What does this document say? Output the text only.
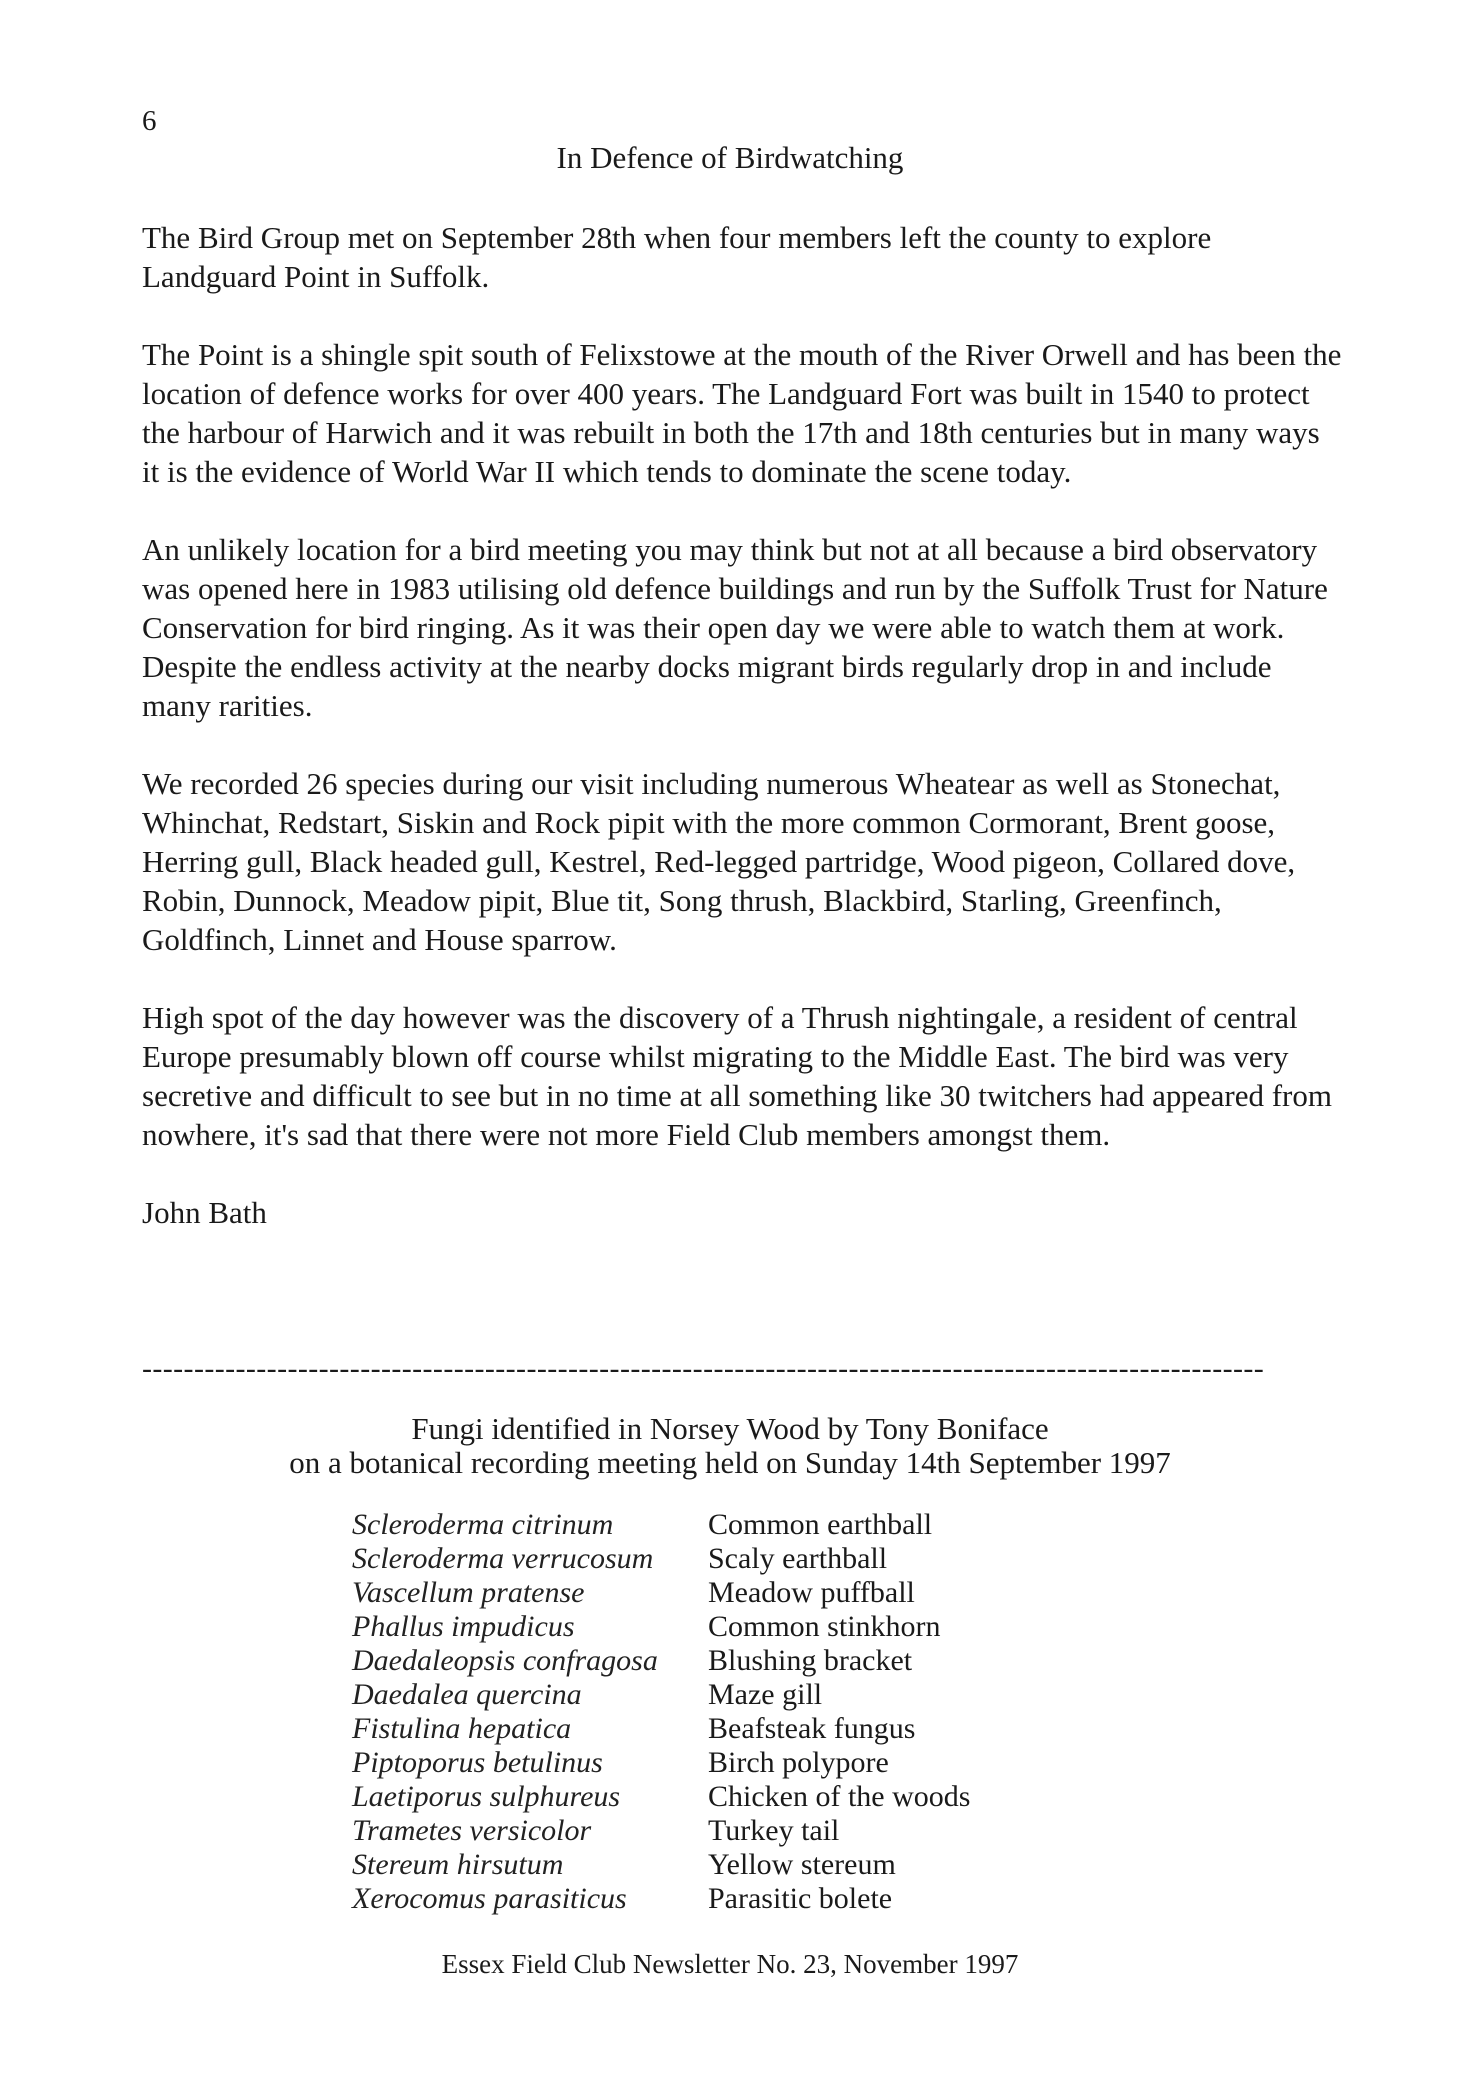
6
In Defence of Birdwatching

The Bird Group met on September 28th when four members left the county to explore Landguard Point in Suffolk.

The Point is a shingle spit south of Felixstowe at the mouth of the River Orwell and has been the location of defence works for over 400 years. The Landguard Fort was built in 1540 to protect the harbour of Harwich and it was rebuilt in both the 17th and 18th centuries but in many ways it is the evidence of World War II which tends to dominate the scene today.

An unlikely location for a bird meeting you may think but not at all because a bird observatory was opened here in 1983 utilising old defence buildings and run by the Suffolk Trust for Nature Conservation for bird ringing. As it was their open day we were able to watch them at work. Despite the endless activity at the nearby docks migrant birds regularly drop in and include many rarities.

We recorded 26 species during our visit including numerous Wheatear as well as Stonechat, Whinchat, Redstart, Siskin and Rock pipit with the more common Cormorant, Brent goose, Herring gull, Black headed gull, Kestrel, Red-legged partridge, Wood pigeon, Collared dove, Robin, Dunnock, Meadow pipit, Blue tit, Song thrush, Blackbird, Starling, Greenfinch, Goldfinch, Linnet and House sparrow.

High spot of the day however was the discovery of a Thrush nightingale, a resident of central Europe presumably blown off course whilst migrating to the Middle East. The bird was very secretive and difficult to see but in no time at all something like 30 twitchers had appeared from nowhere, it's sad that there were not more Field Club members amongst them.

John Bath

------------------------------------------------------------------------------------------------------------
Fungi identified in Norsey Wood by Tony Boniface
on a botanical recording meeting held on Sunday 14th September 1997
Scleroderma citrinum	Common earthball
Scleroderma verrucosum	Scaly earthball
Vascellum pratense	Meadow puffball
Phallus impudicus	Common stinkhorn
Daedaleopsis confragosa	Blushing bracket
Daedalea quercina	Maze gill
Fistulina hepatica	Beafsteak fungus
Piptoporus betulinus	Birch polypore
Laetiporus sulphureus	Chicken of the woods
Trametes versicolor	Turkey tail
Stereum hirsutum	Yellow stereum
Xerocomus parasiticus	Parasitic bolete
Essex Field Club Newsletter No. 23, November 1997
